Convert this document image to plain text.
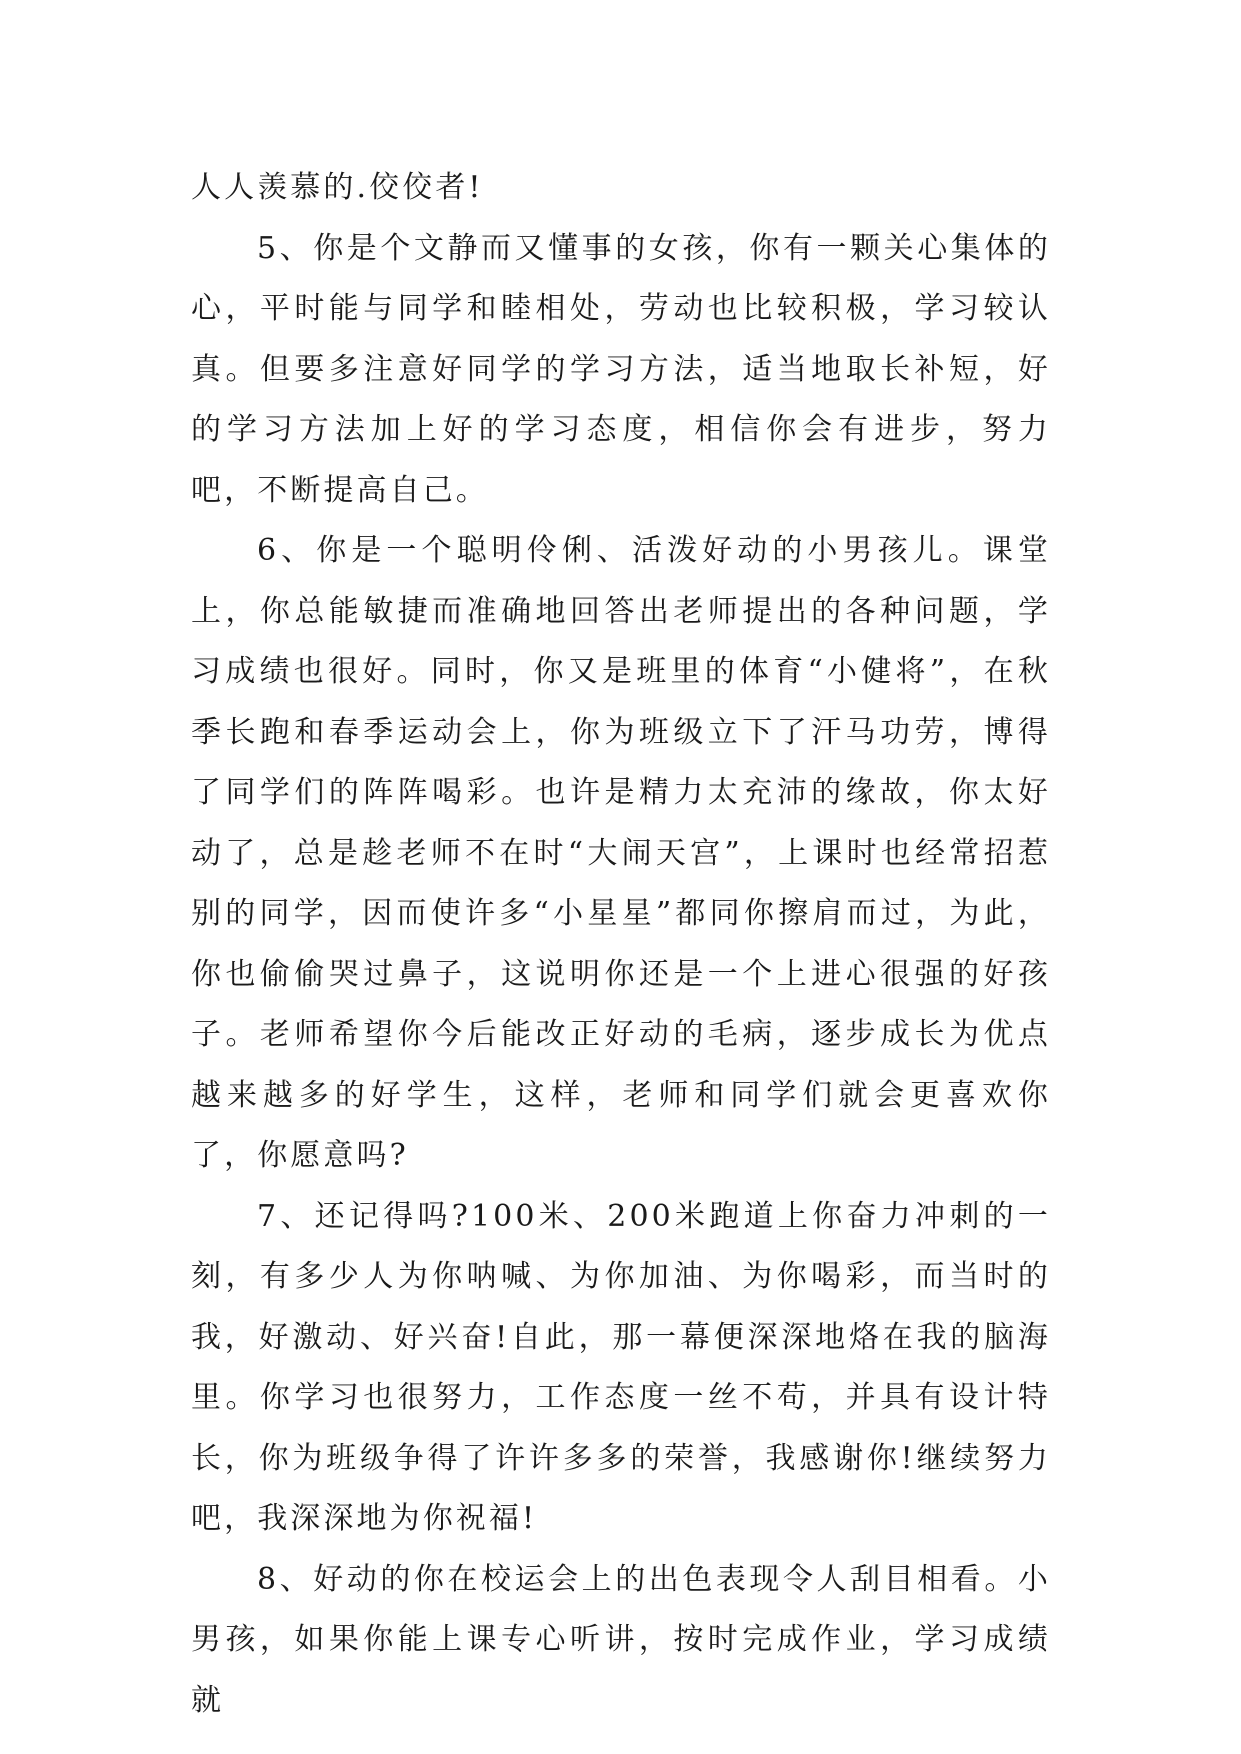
人人羡慕的.佼佼者!

5、你是个文静而又懂事的女孩，你有一颗关心集体的心，平时能与同学和睦相处，劳动也比较积极，学习较认真。但要多注意好同学的学习方法，适当地取长补短，好的学习方法加上好的学习态度，相信你会有进步，努力吧，不断提高自己。

6、你是一个聪明伶俐、活泼好动的小男孩儿。课堂上，你总能敏捷而准确地回答出老师提出的各种问题，学习成绩也很好。同时，你又是班里的体育“小健将”，在秋季长跑和春季运动会上，你为班级立下了汗马功劳，博得了同学们的阵阵喝彩。也许是精力太充沛的缘故，你太好动了，总是趁老师不在时“大闹天宫”，上课时也经常招惹别的同学，因而使许多“小星星”都同你擦肩而过，为此，你也偷偷哭过鼻子，这说明你还是一个上进心很强的好孩子。老师希望你今后能改正好动的毛病，逐步成长为优点越来越多的好学生，这样，老师和同学们就会更喜欢你了，你愿意吗?

7、还记得吗?100米、200米跑道上你奋力冲刺的一刻，有多少人为你呐喊、为你加油、为你喝彩，而当时的我，好激动、好兴奋!自此，那一幕便深深地烙在我的脑海里。你学习也很努力，工作态度一丝不苟，并具有设计特长，你为班级争得了许许多多的荣誉，我感谢你!继续努力吧，我深深地为你祝福!

8、好动的你在校运会上的出色表现令人刮目相看。小男孩，如果你能上课专心听讲，按时完成作业，学习成绩就
